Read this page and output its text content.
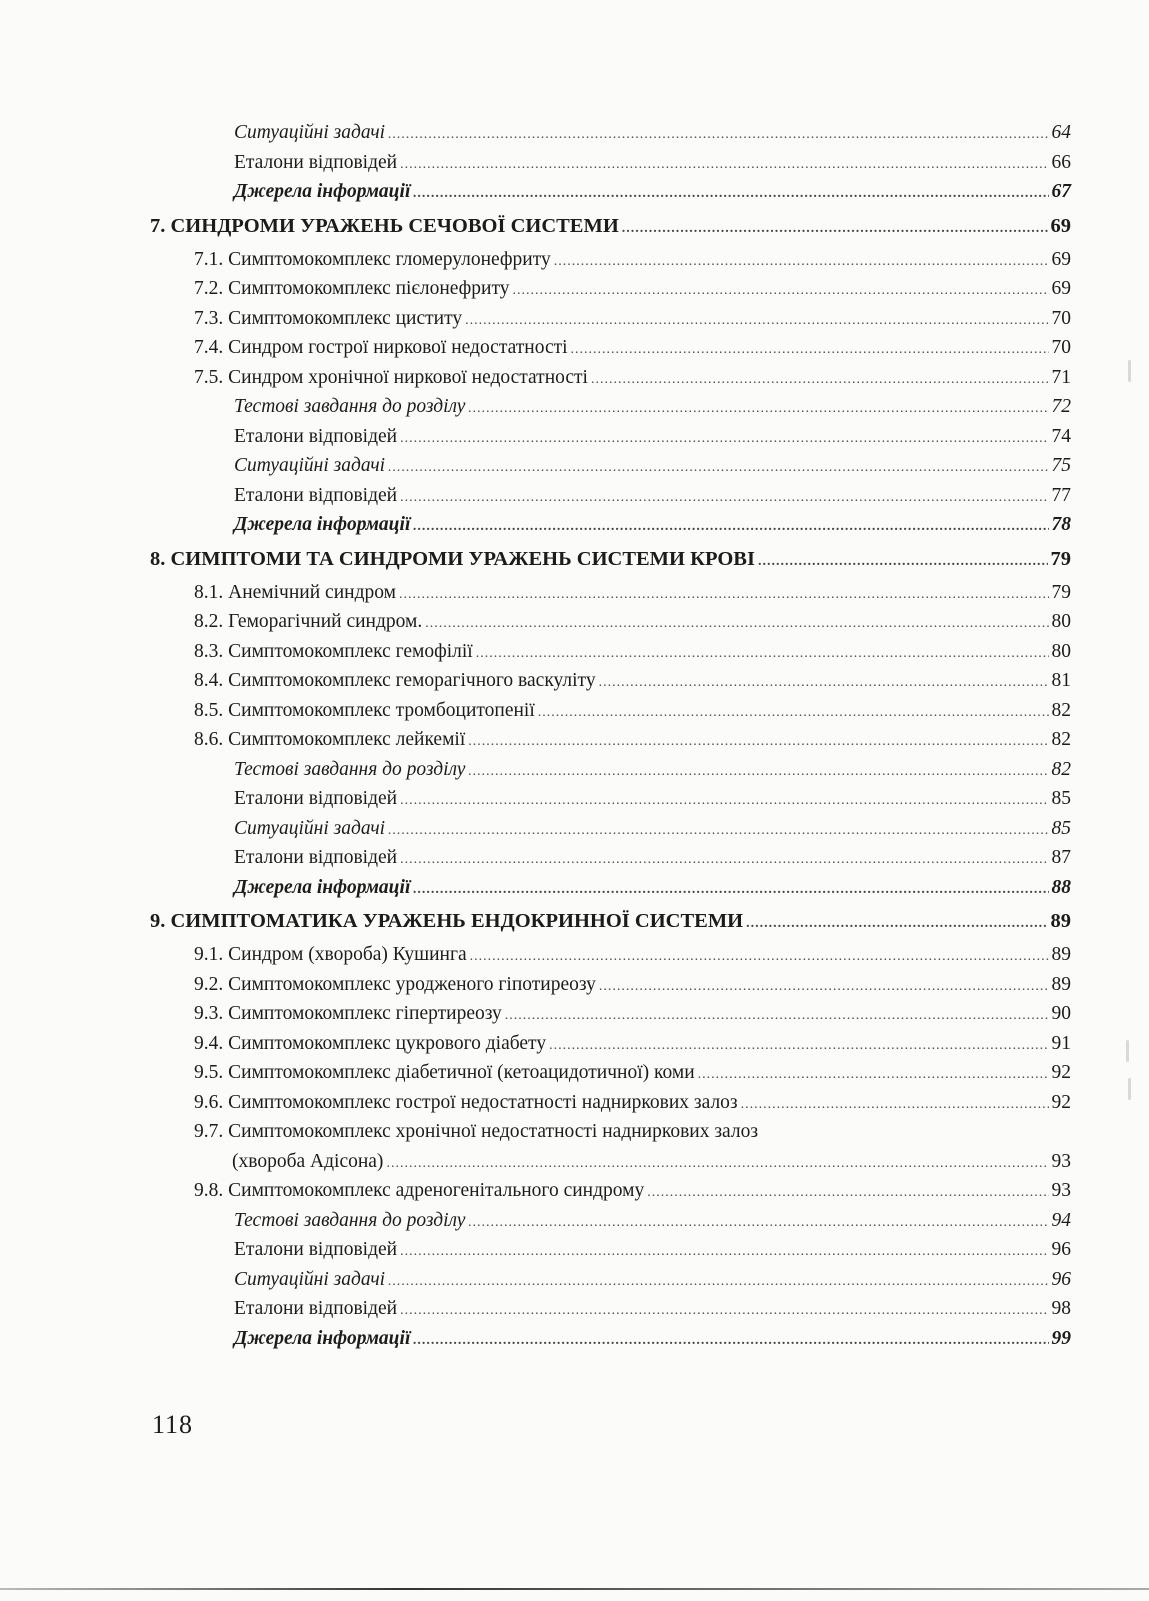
Ситуаційні задачі .....	64
Еталони відповідей .....	66
Джерела інформації .....	67
7. СИНДРОМИ УРАЖЕНЬ СЕЧОВОЇ СИСТЕМИ .....	69
7.1. Симптомокомплекс гломерулонефриту .....	69
7.2. Симптомокомплекс пієлонефриту .....	69
7.3. Симптомокомплекс циститу .....	70
7.4. Синдром гострої ниркової недостатності .....	70
7.5. Синдром хронічної ниркової недостатності .....	71
Тестові завдання до розділу .....	72
Еталони відповідей .....	74
Ситуаційні задачі .....	75
Еталони відповідей .....	77
Джерела інформації .....	78
8. СИМПТОМИ ТА СИНДРОМИ УРАЖЕНЬ СИСТЕМИ КРОВІ .....	79
8.1. Анемічний синдром .....	79
8.2. Геморагічний синдром. .....	80
8.3. Симптомокомплекс гемофілії .....	80
8.4. Симптомокомплекс геморагічного васкуліту .....	81
8.5. Симптомокомплекс тромбоцитопенії .....	82
8.6. Симптомокомплекс лейкемії .....	82
Тестові завдання до розділу .....	82
Еталони відповідей .....	85
Ситуаційні задачі .....	85
Еталони відповідей .....	87
Джерела інформації .....	88
9. СИМПТОМАТИКА УРАЖЕНЬ ЕНДОКРИННОЇ СИСТЕМИ .....	89
9.1. Синдром (хвороба) Кушинга .....	89
9.2. Симптомокомплекс уродженого гіпотиреозу .....	89
9.3. Симптомокомплекс гіпертиреозу .....	90
9.4. Симптомокомплекс цукрового діабету .....	91
9.5. Симптомокомплекс діабетичної (кетоацидотичної) коми .....	92
9.6. Симптомокомплекс гострої недостатності надниркових залоз .....	92
9.7. Симптомокомплекс хронічної недостатності надниркових залоз
(хвороба Адісона) .....	93
9.8. Симптомокомплекс адреногенітального синдрому .....	93
Тестові завдання до розділу .....	94
Еталони відповідей .....	96
Ситуаційні задачі .....	96
Еталони відповідей .....	98
Джерела інформації .....	99
118
